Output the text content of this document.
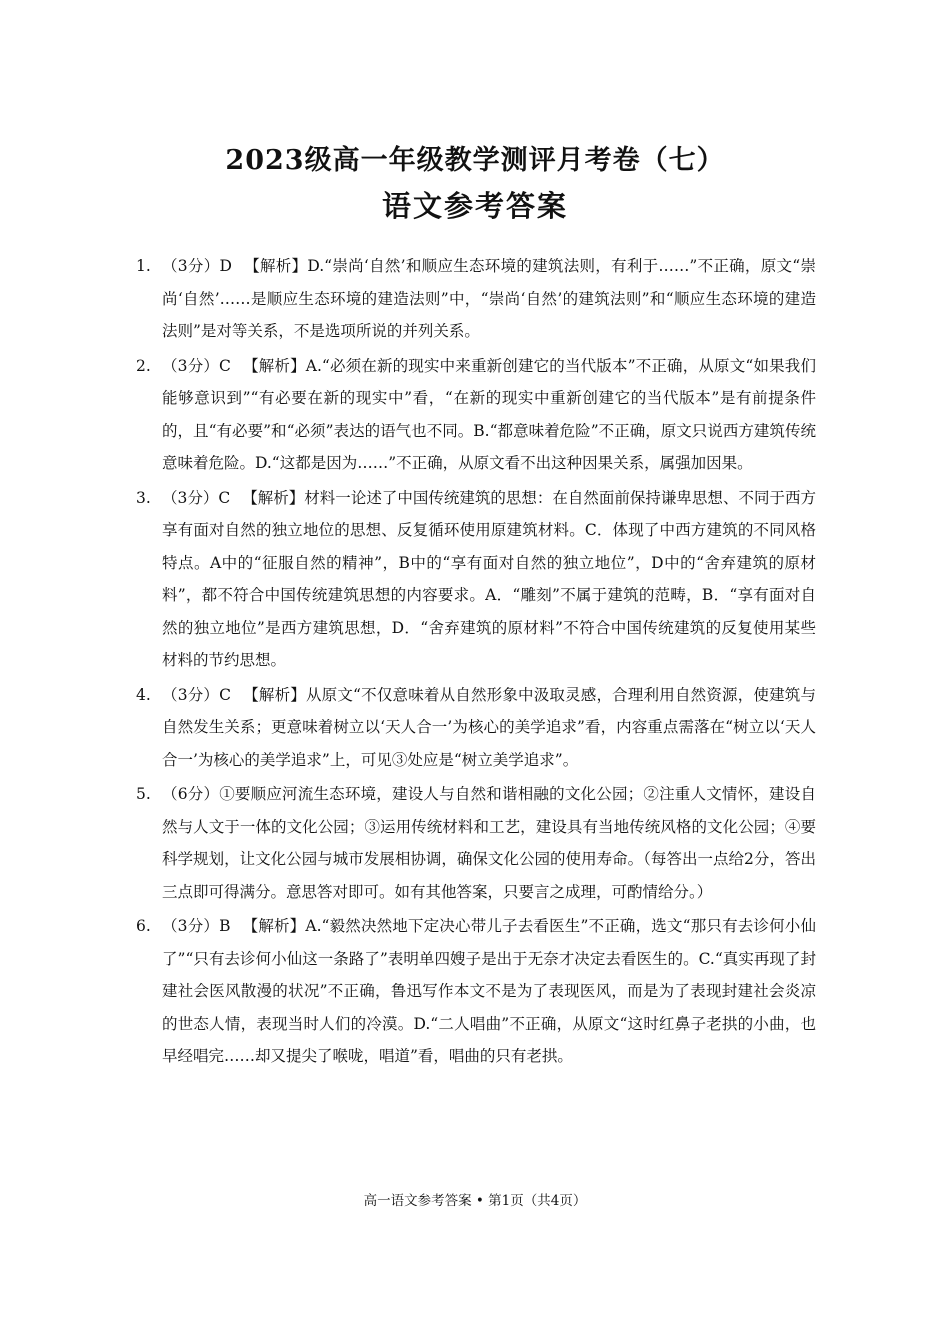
2023级高一年级教学测评月考卷（七）
语文参考答案
1. （3分）D 【解析】D.“崇尚‘自然’和顺应生态环境的建筑法则，有利于……”不正确，原文“崇尚‘自然’……是顺应生态环境的建造法则”中，“崇尚‘自然’的建筑法则”和“顺应生态环境的建造法则”是对等关系，不是选项所说的并列关系。
2. （3分）C 【解析】A.“必须在新的现实中来重新创建它的当代版本”不正确，从原文“如果我们能够意识到”“有必要在新的现实中”看，“在新的现实中重新创建它的当代版本”是有前提条件的，且“有必要”和“必须”表达的语气也不同。B.“都意味着危险”不正确，原文只说西方建筑传统意味着危险。D.“这都是因为……”不正确，从原文看不出这种因果关系，属强加因果。
3. （3分）C 【解析】材料一论述了中国传统建筑的思想：在自然面前保持谦卑思想、不同于西方享有面对自然的独立地位的思想、反复循环使用原建筑材料。C．体现了中西方建筑的不同风格特点。A中的“征服自然的精神”，B中的“享有面对自然的独立地位”，D中的“舍弃建筑的原材料”，都不符合中国传统建筑思想的内容要求。A．“雕刻”不属于建筑的范畴，B．“享有面对自然的独立地位”是西方建筑思想，D．“舍弃建筑的原材料”不符合中国传统建筑的反复使用某些材料的节约思想。
4. （3分）C 【解析】从原文“不仅意味着从自然形象中汲取灵感，合理利用自然资源，使建筑与自然发生关系；更意味着树立以‘天人合一’为核心的美学追求”看，内容重点需落在“树立以‘天人合一’为核心的美学追求”上，可见③处应是“树立美学追求”。
5. （6分）①要顺应河流生态环境，建设人与自然和谐相融的文化公园；②注重人文情怀，建设自然与人文于一体的文化公园；③运用传统材料和工艺，建设具有当地传统风格的文化公园；④要科学规划，让文化公园与城市发展相协调，确保文化公园的使用寿命。（每答出一点给2分，答出三点即可得满分。意思答对即可。如有其他答案，只要言之成理，可酌情给分。）
6. （3分）B 【解析】A.“毅然决然地下定决心带儿子去看医生”不正确，选文“那只有去诊何小仙了”“只有去诊何小仙这一条路了”表明单四嫂子是出于无奈才决定去看医生的。C.“真实再现了封建社会医风散漫的状况”不正确，鲁迅写作本文不是为了表现医风，而是为了表现封建社会炎凉的世态人情，表现当时人们的冷漠。D.“二人唱曲”不正确，从原文“这时红鼻子老拱的小曲，也早经唱完……却又提尖了喉咙，唱道”看，唱曲的只有老拱。
高一语文参考答案 • 第1页（共4页）
